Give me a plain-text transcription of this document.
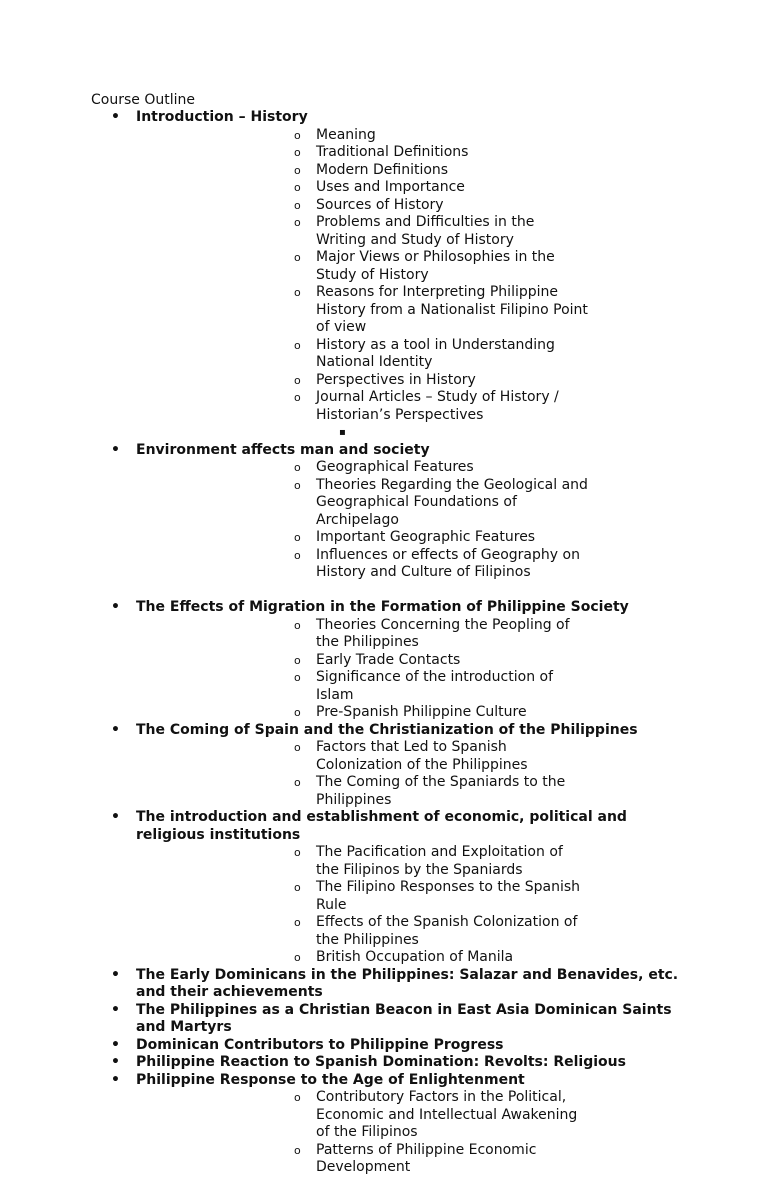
Course Outline
• Introduction – History
o Meaning
o Traditional Definitions
o Modern Definitions
o Uses and Importance
o Sources of History
o Problems and Difficulties in the Writing and Study of History
o Major Views or Philosophies in the Study of History
o Reasons for Interpreting Philippine History from a Nationalist Filipino Point of view
o History as a tool in Understanding National Identity
o Perspectives in History
o Journal Articles – Study of History / Historian’s Perspectives
▪
• Environment affects man and society
o Geographical Features
o Theories Regarding the Geological and Geographical Foundations of Archipelago
o Important Geographic Features
o Influences or effects of Geography on History and Culture of Filipinos
• The Effects of Migration in the Formation of Philippine Society
o Theories Concerning the Peopling of the Philippines
o Early Trade Contacts
o Significance of the introduction of Islam
o Pre-Spanish Philippine Culture
• The Coming of Spain and the Christianization of the Philippines
o Factors that Led to Spanish Colonization of the Philippines
o The Coming of the Spaniards to the Philippines
• The introduction and establishment of economic, political and religious institutions
o The Pacification and Exploitation of the Filipinos by the Spaniards
o The Filipino Responses to the Spanish Rule
o Effects of the Spanish Colonization of the Philippines
o British Occupation of Manila
• The Early Dominicans in the Philippines: Salazar and Benavides, etc. and their achievements
• The Philippines as a Christian Beacon in East Asia Dominican Saints and Martyrs
• Dominican Contributors to Philippine Progress
• Philippine Reaction to Spanish Domination: Revolts: Religious
• Philippine Response to the Age of Enlightenment
o Contributory Factors in the Political, Economic and Intellectual Awakening of the Filipinos
o Patterns of Philippine Economic Development
